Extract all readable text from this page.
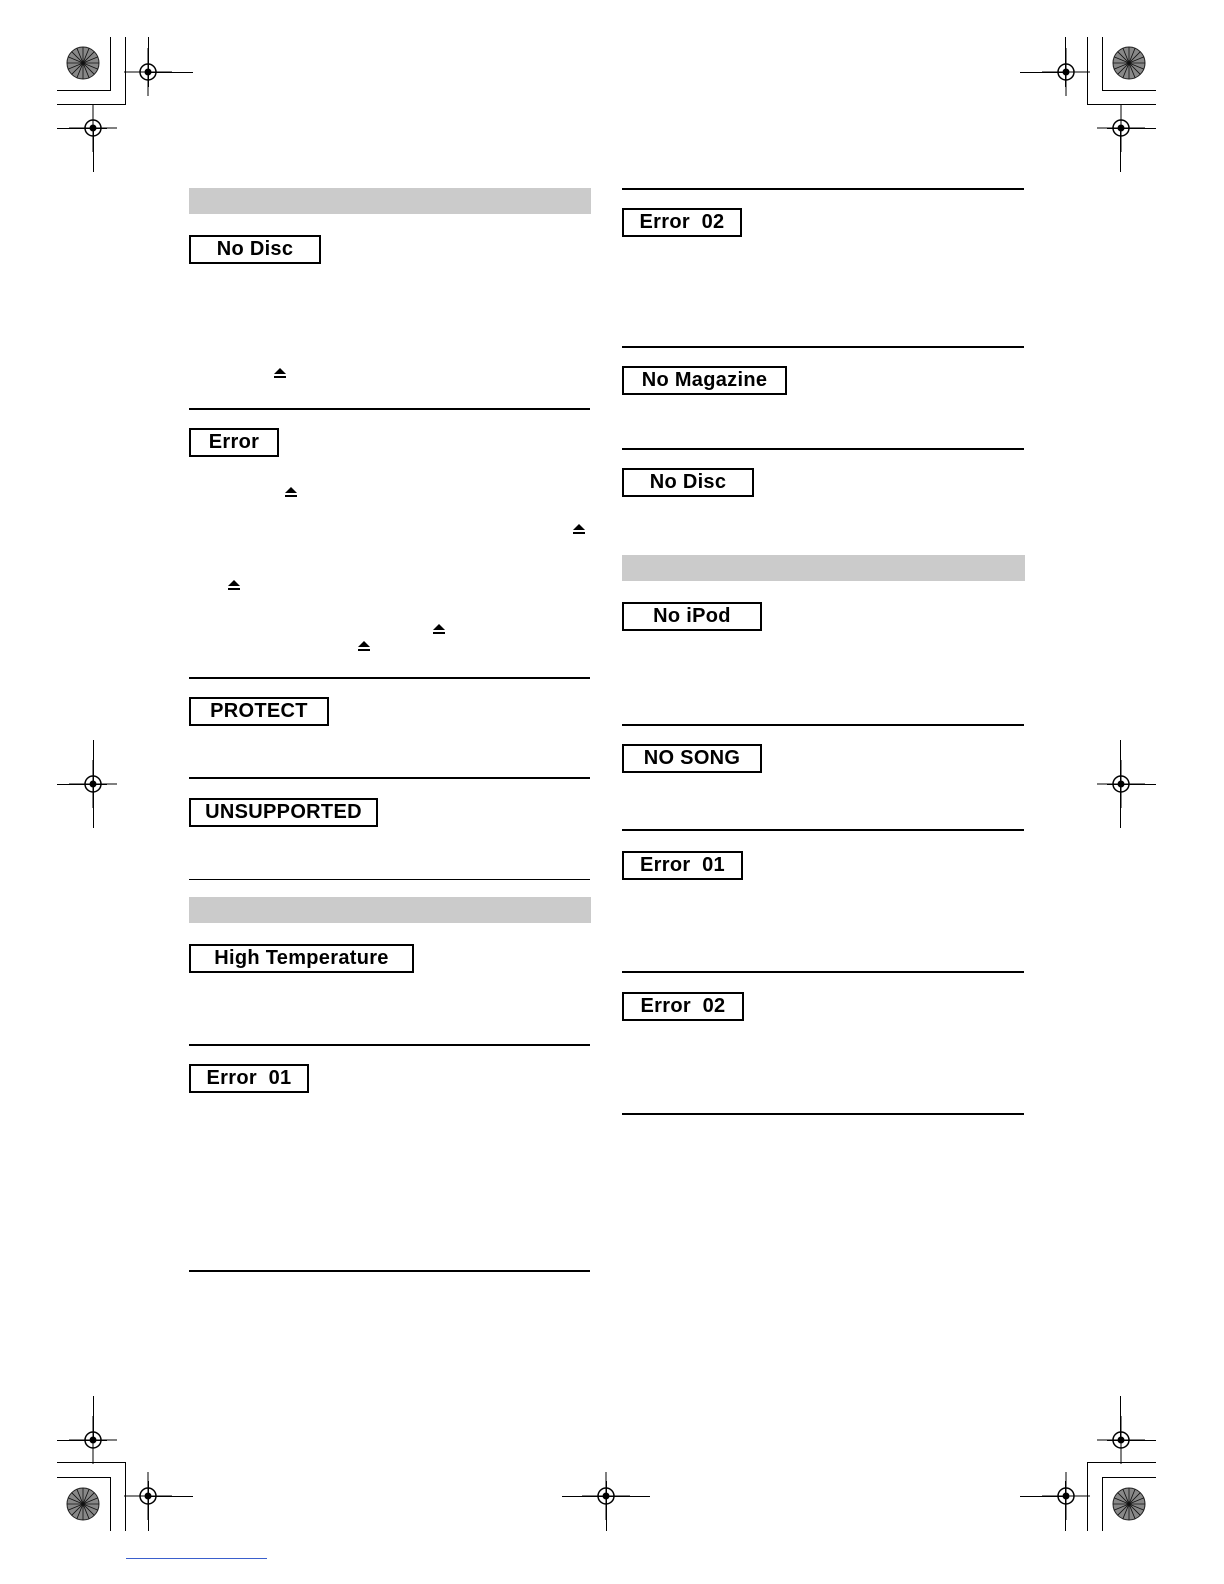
No Disc
Error
PROTECT
UNSUPPORTED
High Temperature
Error  01
Error  02
No Magazine
No Disc
No iPod
NO SONG
Error  01
Error  02
